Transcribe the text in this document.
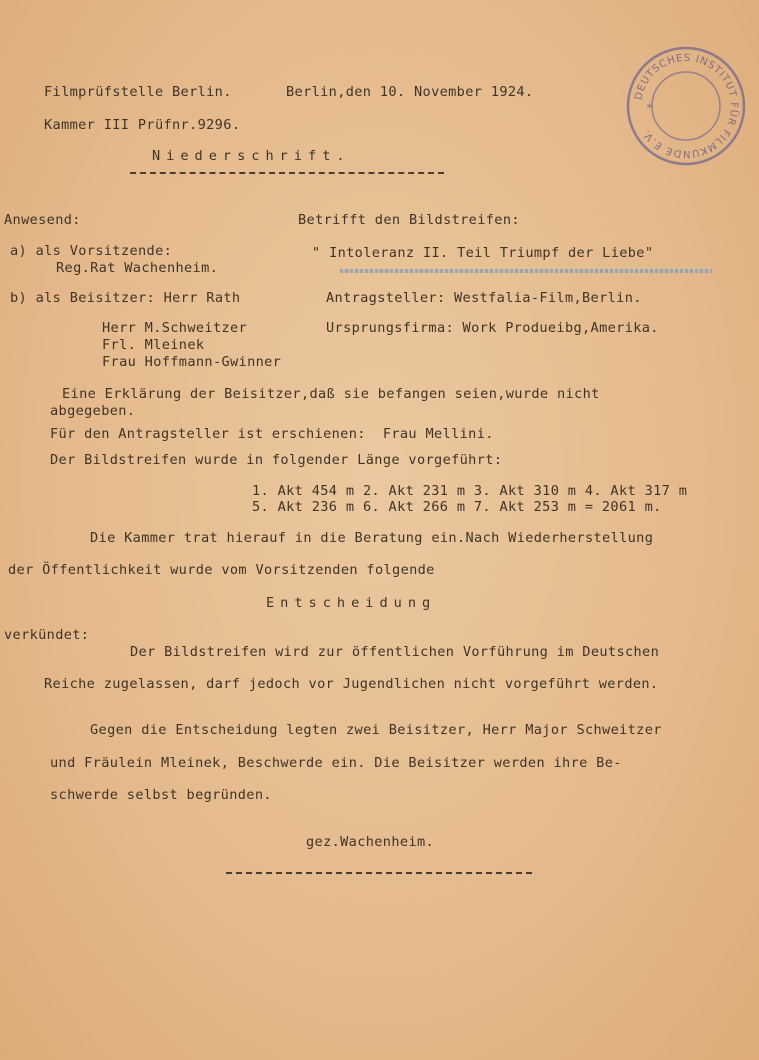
DEUTSCHES INSTITUT FÜR FILMKUNDE E.V.
*
Filmprüfstelle Berlin.	Berlin,den 10. November 1924.
Kammer III Prüfnr.9296.
Niederschrift.
Anwesend:
a) als Vorsitzende:
Reg.Rat Wachenheim.
b) als Beisitzer: Herr Rath
Herr M.Schweitzer
Frl. Mleinek
Frau Hoffmann-Gwinner
Betrifft den Bildstreifen:
" Intoleranz II. Teil Triumpf der Liebe"
Antragsteller: Westfalia-Film,Berlin.
Ursprungsfirma: Work Produeibg,Amerika.
Eine Erklärung der Beisitzer,daß sie befangen seien,wurde nicht
abgegeben.
Für den Antragsteller ist erschienen:  Frau Mellini.
Der Bildstreifen wurde in folgender Länge vorgeführt:
1. Akt 454 m 2. Akt 231 m 3. Akt 310 m 4. Akt 317 m
5. Akt 236 m 6. Akt 266 m 7. Akt 253 m = 2061 m.
Die Kammer trat hierauf in die Beratung ein.Nach Wiederherstellung
der Öffentlichkeit wurde vom Vorsitzenden folgende
Entscheidung
verkündet:
Der Bildstreifen wird zur öffentlichen Vorführung im Deutschen
Reiche zugelassen, darf jedoch vor Jugendlichen nicht vorgeführt werden.
Gegen die Entscheidung legten zwei Beisitzer, Herr Major Schweitzer
und Fräulein Mleinek, Beschwerde ein. Die Beisitzer werden ihre Be-
schwerde selbst begründen.
gez.Wachenheim.
